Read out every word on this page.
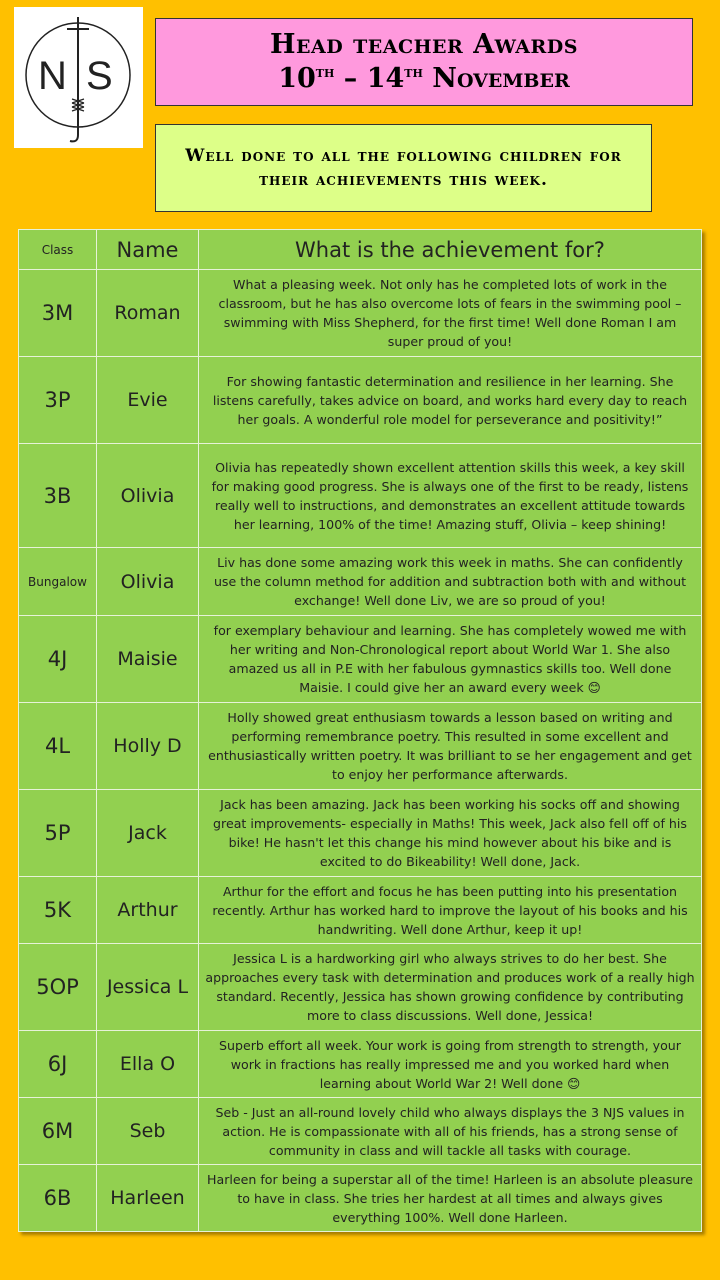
N S
Head teacher Awards
10th – 14th November
Well done to all the following children for their achievements this week.
Class	Name	What is the achievement for?
3M	Roman	What a pleasing week. Not only has he completed lots of work in the classroom, but he has also overcome lots of fears in the swimming pool – swimming with Miss Shepherd, for the first time! Well done Roman I am super proud of you!
3P	Evie	For showing fantastic determination and resilience in her learning. She listens carefully, takes advice on board, and works hard every day to reach her goals. A wonderful role model for perseverance and positivity!”
3B	Olivia	Olivia has repeatedly shown excellent attention skills this week, a key skill for making good progress. She is always one of the first to be ready, listens really well to instructions, and demonstrates an excellent attitude towards her learning, 100% of the time! Amazing stuff, Olivia – keep shining!
Bungalow	Olivia	Liv has done some amazing work this week in maths. She can confidently use the column method for addition and subtraction both with and without exchange! Well done Liv, we are so proud of you!
4J	Maisie	for exemplary behaviour and learning. She has completely wowed me with her writing and Non-Chronological report about World War 1. She also amazed us all in P.E with her fabulous gymnastics skills too. Well done Maisie. I could give her an award every week 😊
4L	Holly D	Holly showed great enthusiasm towards a lesson based on writing and performing remembrance poetry. This resulted in some excellent and enthusiastically written poetry. It was brilliant to se her engagement and get to enjoy her performance afterwards.
5P	Jack	Jack has been amazing. Jack has been working his socks off and showing great improvements- especially in Maths! This week, Jack also fell off of his bike! He hasn't let this change his mind however about his bike and is excited to do Bikeability! Well done, Jack.
5K	Arthur	Arthur for the effort and focus he has been putting into his presentation recently. Arthur has worked hard to improve the layout of his books and his handwriting. Well done Arthur, keep it up!
5OP	Jessica L	Jessica L is a hardworking girl who always strives to do her best. She approaches every task with determination and produces work of a really high standard. Recently, Jessica has shown growing confidence by contributing more to class discussions. Well done, Jessica!
6J	Ella O	Superb effort all week. Your work is going from strength to strength, your work in fractions has really impressed me and you worked hard when learning about World War 2! Well done 😊
6M	Seb	Seb - Just an all-round lovely child who always displays the 3 NJS values in action. He is compassionate with all of his friends, has a strong sense of community in class and will tackle all tasks with courage.
6B	Harleen	Harleen for being a superstar all of the time! Harleen is an absolute pleasure to have in class. She tries her hardest at all times and always gives everything 100%. Well done Harleen.
